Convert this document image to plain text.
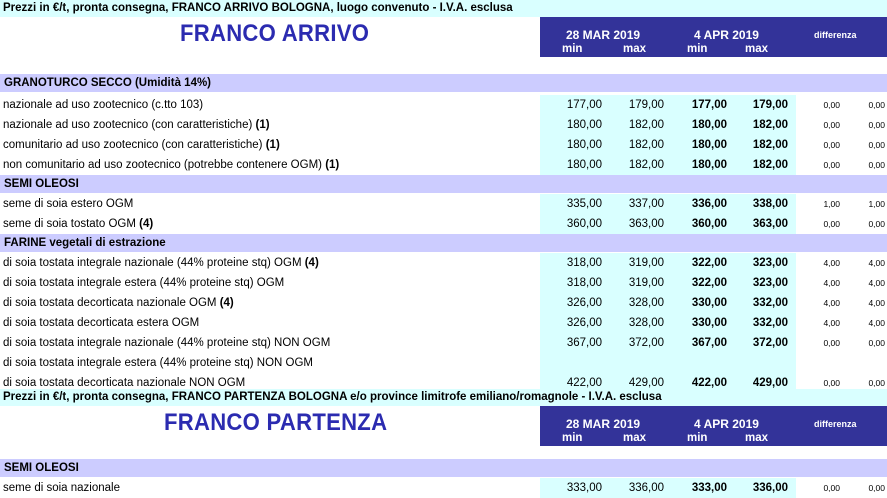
Prezzi in €/t, pronta consegna, FRANCO ARRIVO BOLOGNA, luogo convenuto - I.V.A. esclusa
FRANCO ARRIVO	28 MAR 2019	4 APR 2019	differenza
min	max	min	max
GRANOTURCO SECCO (Umidità 14%)
nazionale ad uso zootecnico (c.tto 103)	177,00 179,00 177,00 179,00	0,00	0,00
nazionale ad uso zootecnico (con caratteristiche) (1)	180,00 182,00 180,00 182,00	0,00	0,00
comunitario ad uso zootecnico (con caratteristiche) (1)	180,00 182,00 180,00 182,00	0,00	0,00
non comunitario ad uso zootecnico (potrebbe contenere OGM) (1)	180,00 182,00 180,00 182,00	0,00	0,00
SEMI OLEOSI
seme di soia estero OGM	335,00 337,00 336,00 338,00	1,00	1,00
seme di soia tostato OGM (4)	360,00 363,00 360,00 363,00	0,00	0,00
FARINE vegetali di estrazione
di soia tostata integrale nazionale (44% proteine stq) OGM (4)	318,00 319,00 322,00 323,00	4,00	4,00
di soia tostata integrale estera (44% proteine stq) OGM	318,00 319,00 322,00 323,00	4,00	4,00
di soia tostata decorticata nazionale OGM (4)	326,00 328,00 330,00 332,00	4,00	4,00
di soia tostata decorticata estera OGM	326,00 328,00 330,00 332,00	4,00	4,00
di soia tostata integrale nazionale (44% proteine stq) NON OGM	367,00 372,00 367,00 372,00	0,00	0,00
di soia tostata integrale estera (44% proteine stq) NON OGM
di soia tostata decorticata nazionale NON OGM	422,00 429,00 422,00 429,00	0,00	0,00
Prezzi in €/t, pronta consegna, FRANCO PARTENZA BOLOGNA e/o province limitrofe emiliano/romagnole - I.V.A. esclusa
FRANCO PARTENZA	28 MAR 2019	4 APR 2019	differenza
min	max	min	max
SEMI OLEOSI
seme di soia nazionale	333,00 336,00 333,00 336,00	0,00	0,00
